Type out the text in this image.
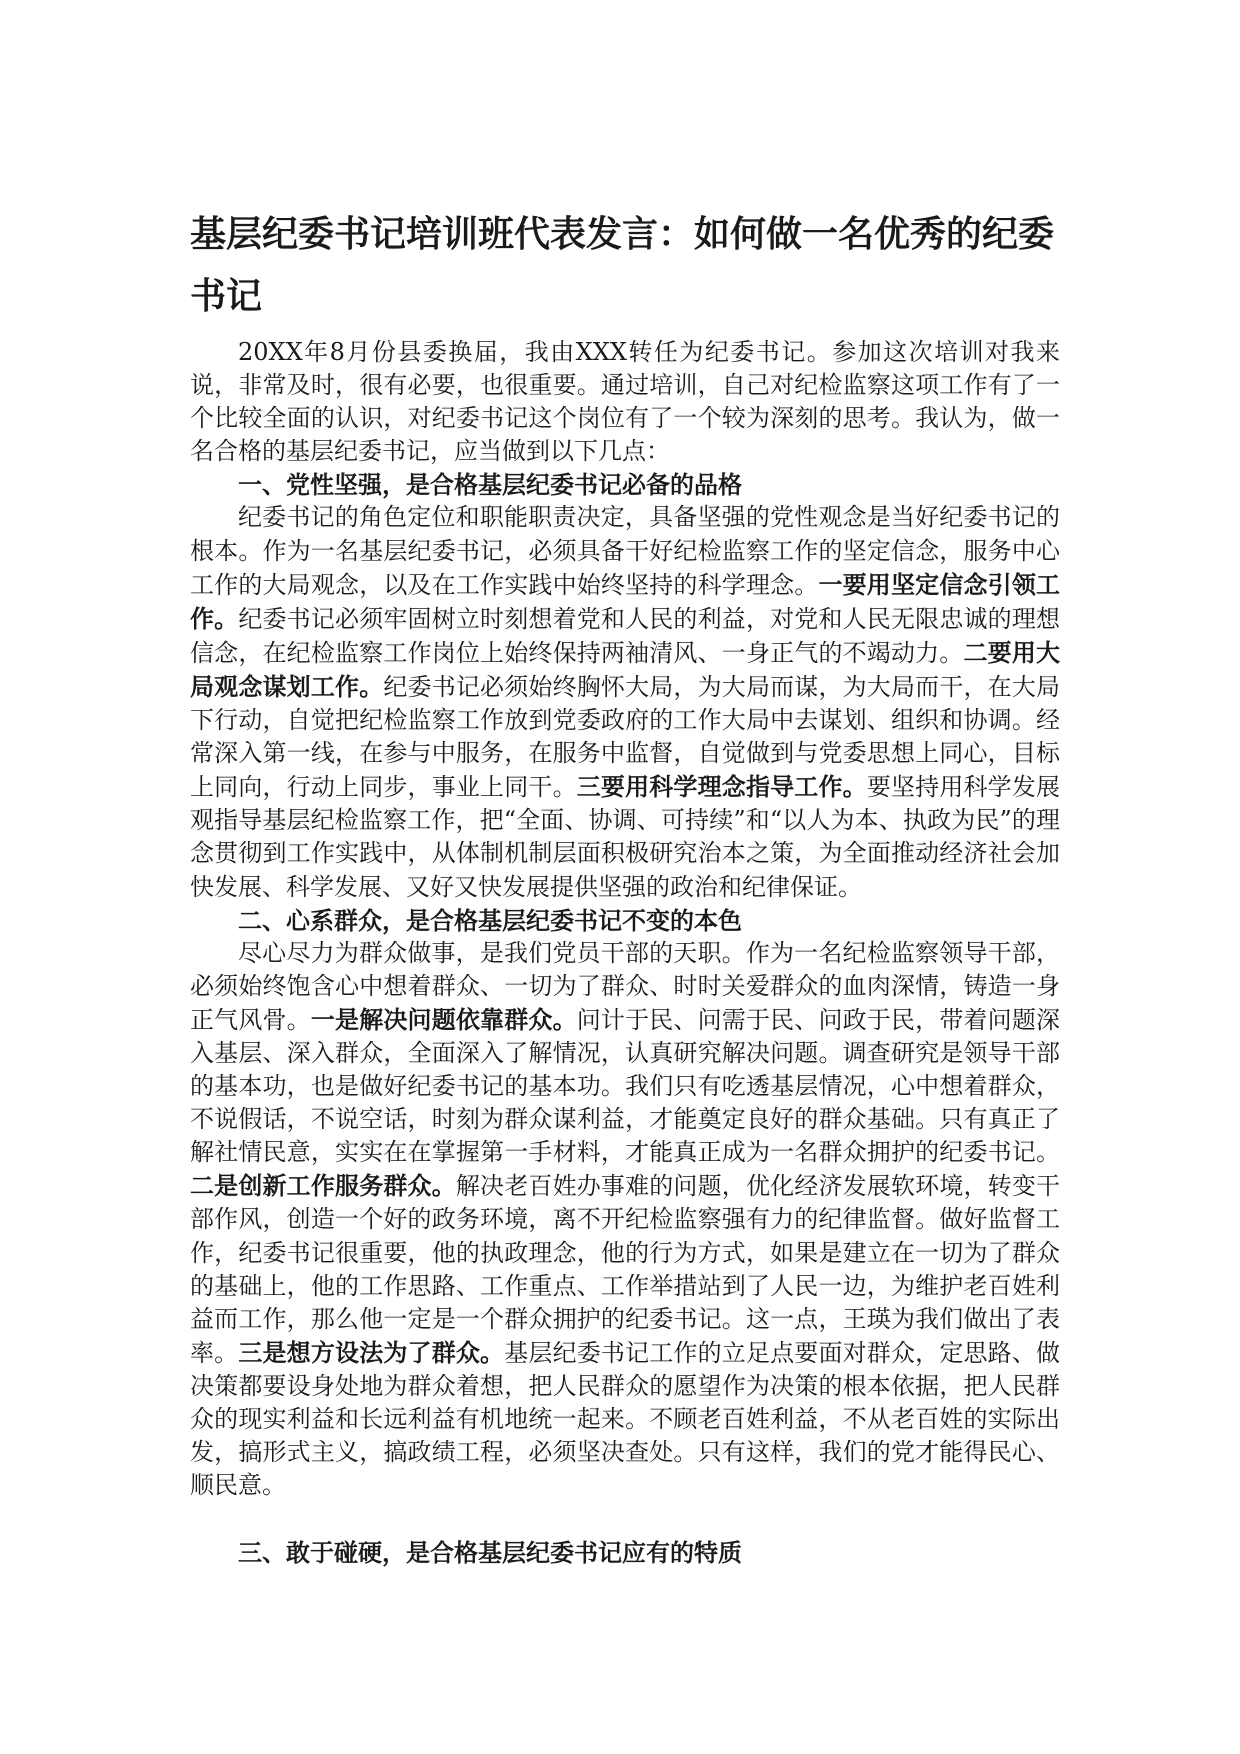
基层纪委书记培训班代表发言：如何做一名优秀的纪委书记

20XX年8月份县委换届，我由XXX转任为纪委书记。参加这次培训对我来说，非常及时，很有必要，也很重要。通过培训，自己对纪检监察这项工作有了一个比较全面的认识，对纪委书记这个岗位有了一个较为深刻的思考。我认为，做一名合格的基层纪委书记，应当做到以下几点：

一、党性坚强，是合格基层纪委书记必备的品格

纪委书记的角色定位和职能职责决定，具备坚强的党性观念是当好纪委书记的根本。作为一名基层纪委书记，必须具备干好纪检监察工作的坚定信念，服务中心工作的大局观念，以及在工作实践中始终坚持的科学理念。一要用坚定信念引领工作。纪委书记必须牢固树立时刻想着党和人民的利益，对党和人民无限忠诚的理想信念，在纪检监察工作岗位上始终保持两袖清风、一身正气的不竭动力。二要用大局观念谋划工作。纪委书记必须始终胸怀大局，为大局而谋，为大局而干，在大局下行动，自觉把纪检监察工作放到党委政府的工作大局中去谋划、组织和协调。经常深入第一线，在参与中服务，在服务中监督，自觉做到与党委思想上同心，目标上同向，行动上同步，事业上同干。三要用科学理念指导工作。要坚持用科学发展观指导基层纪检监察工作，把“全面、协调、可持续”和“以人为本、执政为民”的理念贯彻到工作实践中，从体制机制层面积极研究治本之策，为全面推动经济社会加快发展、科学发展、又好又快发展提供坚强的政治和纪律保证。

二、心系群众，是合格基层纪委书记不变的本色

尽心尽力为群众做事，是我们党员干部的天职。作为一名纪检监察领导干部，必须始终饱含心中想着群众、一切为了群众、时时关爱群众的血肉深情，铸造一身正气风骨。一是解决问题依靠群众。问计于民、问需于民、问政于民，带着问题深入基层、深入群众，全面深入了解情况，认真研究解决问题。调查研究是领导干部的基本功，也是做好纪委书记的基本功。我们只有吃透基层情况，心中想着群众，不说假话，不说空话，时刻为群众谋利益，才能奠定良好的群众基础。只有真正了解社情民意，实实在在掌握第一手材料，才能真正成为一名群众拥护的纪委书记。二是创新工作服务群众。解决老百姓办事难的问题，优化经济发展软环境，转变干部作风，创造一个好的政务环境，离不开纪检监察强有力的纪律监督。做好监督工作，纪委书记很重要，他的执政理念，他的行为方式，如果是建立在一切为了群众的基础上，他的工作思路、工作重点、工作举措站到了人民一边，为维护老百姓利益而工作，那么他一定是一个群众拥护的纪委书记。这一点，王瑛为我们做出了表率。三是想方设法为了群众。基层纪委书记工作的立足点要面对群众，定思路、做决策都要设身处地为群众着想，把人民群众的愿望作为决策的根本依据，把人民群众的现实利益和长远利益有机地统一起来。不顾老百姓利益，不从老百姓的实际出发，搞形式主义，搞政绩工程，必须坚决查处。只有这样，我们的党才能得民心、顺民意。

三、敢于碰硬，是合格基层纪委书记应有的特质
